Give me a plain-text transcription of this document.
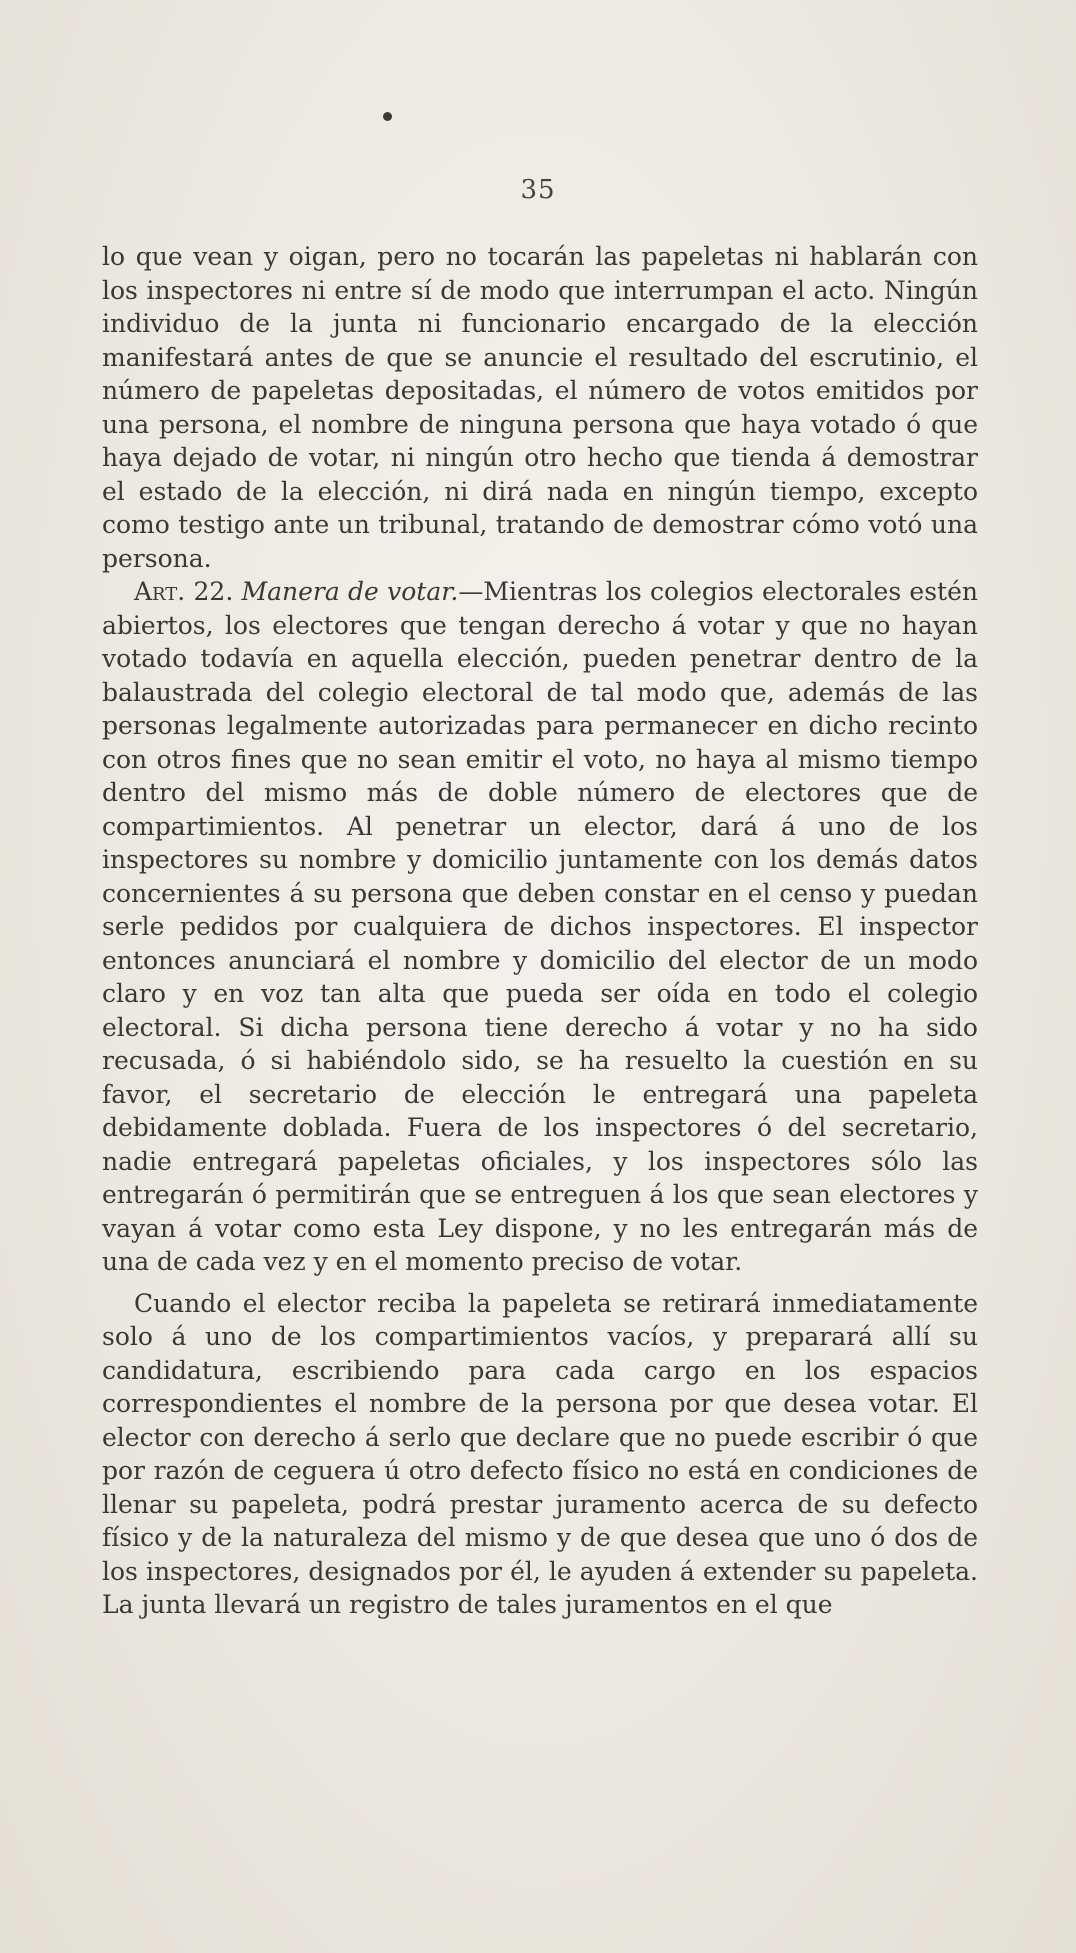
35

lo que vean y oigan, pero no tocarán las papeletas ni hablarán con los inspectores ni entre sí de modo que interrumpan el acto. Ningún individuo de la junta ni funcionario encargado de la elección manifestará antes de que se anuncie el resultado del escrutinio, el número de papeletas depositadas, el número de votos emitidos por una persona, el nombre de ninguna persona que haya votado ó que haya dejado de votar, ni ningún otro hecho que tienda á demostrar el estado de la elección, ni dirá nada en ningún tiempo, excepto como testigo ante un tribunal, tratando de demostrar cómo votó una persona.

Art. 22. Manera de votar.—Mientras los colegios electorales estén abiertos, los electores que tengan derecho á votar y que no hayan votado todavía en aquella elección, pueden penetrar dentro de la balaustrada del colegio electoral de tal modo que, además de las personas legalmente autorizadas para permanecer en dicho recinto con otros fines que no sean emitir el voto, no haya al mismo tiempo dentro del mismo más de doble número de electores que de compartimientos. Al penetrar un elector, dará á uno de los inspectores su nombre y domicilio juntamente con los demás datos concernientes á su persona que deben constar en el censo y puedan serle pedidos por cualquiera de dichos inspectores. El inspector entonces anunciará el nombre y domicilio del elector de un modo claro y en voz tan alta que pueda ser oída en todo el colegio electoral. Si dicha persona tiene derecho á votar y no ha sido recusada, ó si habiéndolo sido, se ha resuelto la cuestión en su favor, el secretario de elección le entregará una papeleta debidamente doblada. Fuera de los inspectores ó del secretario, nadie entregará papeletas oficiales, y los inspectores sólo las entregarán ó permitirán que se entreguen á los que sean electores y vayan á votar como esta Ley dispone, y no les entregarán más de una de cada vez y en el momento preciso de votar.

Cuando el elector reciba la papeleta se retirará inmediatamente solo á uno de los compartimientos vacíos, y preparará allí su candidatura, escribiendo para cada cargo en los espacios correspondientes el nombre de la persona por que desea votar. El elector con derecho á serlo que declare que no puede escribir ó que por razón de ceguera ú otro defecto físico no está en condiciones de llenar su papeleta, podrá prestar juramento acerca de su defecto físico y de la naturaleza del mismo y de que desea que uno ó dos de los inspectores, designados por él, le ayuden á extender su papeleta. La junta llevará un registro de tales juramentos en el que
